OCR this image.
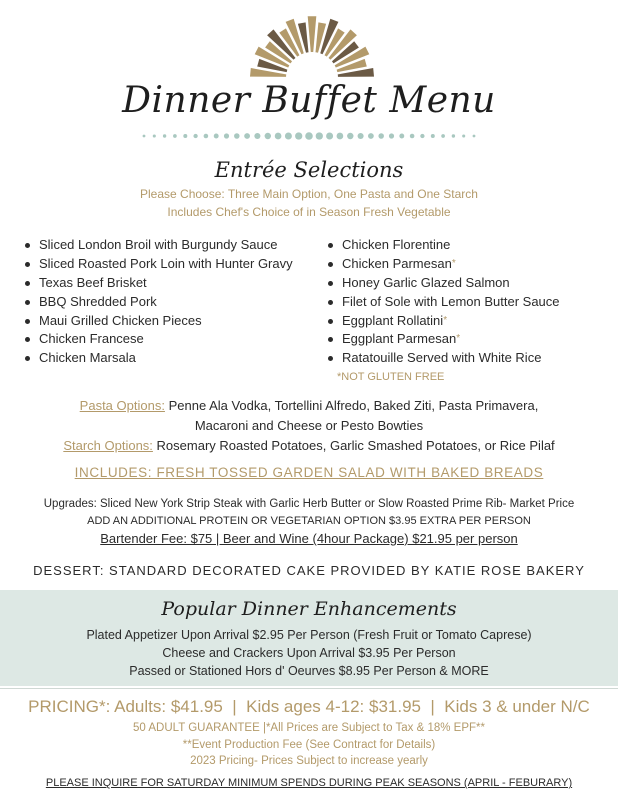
Dinner Buffet Menu
Entrée Selections
Please Choose: Three Main Option, One Pasta and One Starch
Includes Chef's Choice of in Season Fresh Vegetable
Sliced London Broil with Burgundy Sauce
Sliced Roasted Pork Loin with Hunter Gravy
Texas Beef Brisket
BBQ Shredded Pork
Maui Grilled Chicken Pieces
Chicken Francese
Chicken Marsala
Chicken Florentine
Chicken Parmesan*
Honey Garlic Glazed Salmon
Filet of Sole with Lemon Butter Sauce
Eggplant Rollatini*
Eggplant Parmesan*
Ratatouille Served with White Rice
*NOT GLUTEN FREE
Pasta Options: Penne Ala Vodka, Tortellini Alfredo, Baked Ziti, Pasta Primavera,
Macaroni and Cheese or Pesto Bowties
Starch Options: Rosemary Roasted Potatoes, Garlic Smashed Potatoes, or Rice Pilaf
INCLUDES: FRESH TOSSED GARDEN SALAD WITH BAKED BREADS
Upgrades: Sliced New York Strip Steak with Garlic Herb Butter or Slow Roasted Prime Rib- Market Price
ADD AN ADDITIONAL PROTEIN OR VEGETARIAN OPTION $3.95 EXTRA PER PERSON
Bartender Fee: $75 | Beer and Wine (4hour Package) $21.95 per person
DESSERT: STANDARD DECORATED CAKE PROVIDED BY KATIE ROSE BAKERY
Popular Dinner Enhancements
Plated Appetizer Upon Arrival $2.95 Per Person (Fresh Fruit or Tomato Caprese)
Cheese and Crackers Upon Arrival $3.95 Per Person
Passed or Stationed Hors d' Oeurves $8.95 Per Person & MORE
PRICING*: Adults: $41.95  |  Kids ages 4-12: $31.95  |  Kids 3 & under N/C
50 ADULT GUARANTEE |*All Prices are Subject to Tax & 18% EPF**
**Event Production Fee (See Contract for Details)
2023 Pricing- Prices Subject to increase yearly
PLEASE INQUIRE FOR SATURDAY MINIMUM SPENDS DURING PEAK SEASONS (APRIL - FEBURARY)
